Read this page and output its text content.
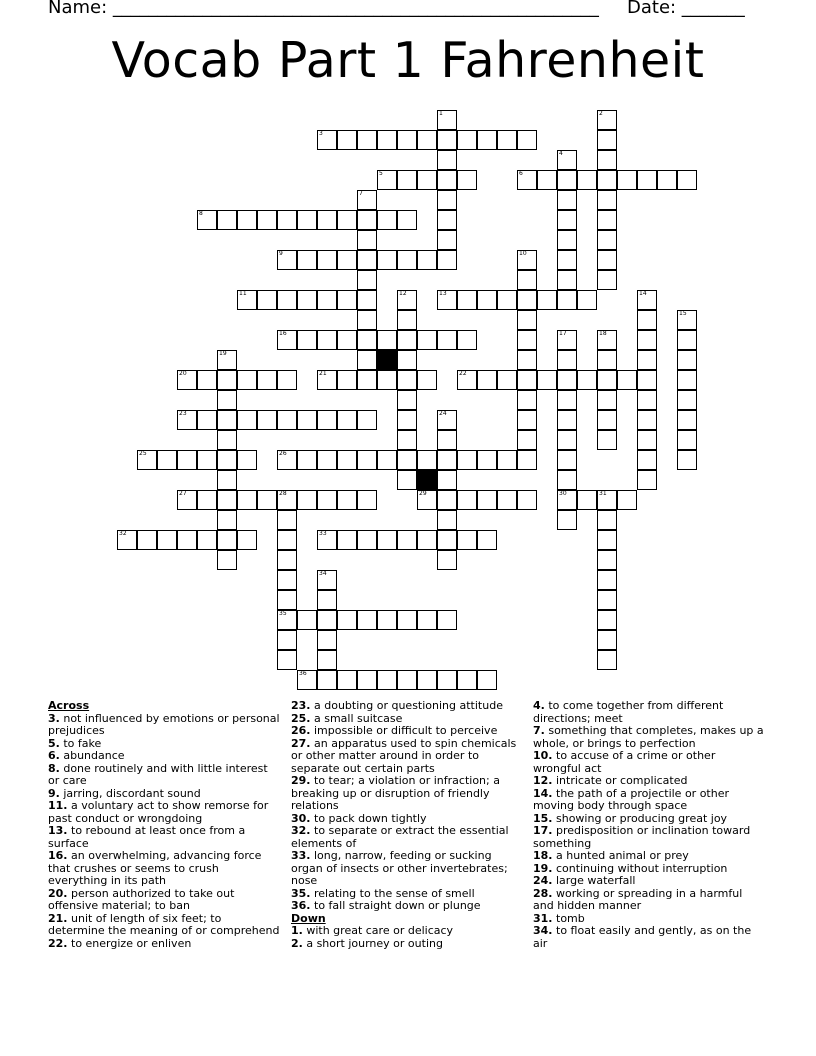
Name: ______________________________________________________ Date: _______
Vocab Part 1 Fahrenheit
1	2
3
4
5	6
7
8
9	10
11	12	13	14
15
16	17	18
19
20	21	22
23	24
25	26
27	28	29	30	31
32	33
34
35
36
Across
3. not influenced by emotions or personal prejudices
5. to fake
6. abundance
8. done routinely and with little interest or care
9. jarring, discordant sound
11. a voluntary act to show remorse for past conduct or wrongdoing
13. to rebound at least once from a surface
16. an overwhelming, advancing force that crushes or seems to crush everything in its path
20. person authorized to take out offensive material; to ban
21. unit of length of six feet; to determine the meaning of or comprehend
22. to energize or enliven
23. a doubting or questioning attitude
25. a small suitcase
26. impossible or difficult to perceive
27. an apparatus used to spin chemicals or other matter around in order to separate out certain parts
29. to tear; a violation or infraction; a breaking up or disruption of friendly relations
30. to pack down tightly
32. to separate or extract the essential elements of
33. long, narrow, feeding or sucking organ of insects or other invertebrates; nose
35. relating to the sense of smell
36. to fall straight down or plunge
Down
1. with great care or delicacy
2. a short journey or outing
4. to come together from different directions; meet
7. something that completes, makes up a whole, or brings to perfection
10. to accuse of a crime or other wrongful act
12. intricate or complicated
14. the path of a projectile or other moving body through space
15. showing or producing great joy
17. predisposition or inclination toward something
18. a hunted animal or prey
19. continuing without interruption
24. large waterfall
28. working or spreading in a harmful and hidden manner
31. tomb
34. to float easily and gently, as on the air
